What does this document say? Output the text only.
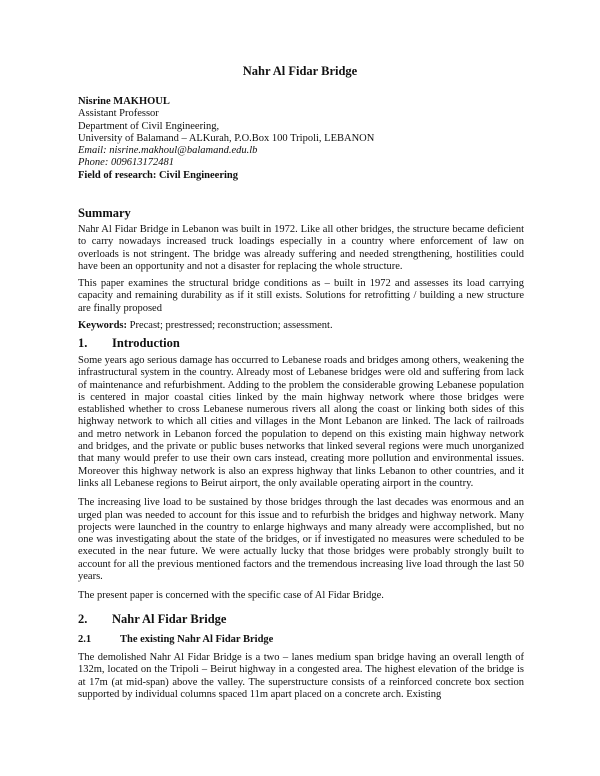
Nahr Al Fidar Bridge
Nisrine MAKHOUL
Assistant Professor
Department of Civil Engineering,
University of Balamand – ALKurah, P.O.Box 100 Tripoli, LEBANON
Email: nisrine.makhoul@balamand.edu.lb
Phone: 009613172481
Field of research: Civil Engineering
Summary

Nahr Al Fidar Bridge in Lebanon was built in 1972. Like all other bridges, the structure became deficient to carry nowadays increased truck loadings especially in a country where enforcement of law on overloads is not stringent. The bridge was already suffering and needed strengthening, hostilities could have been an opportunity and not a disaster for replacing the whole structure.

This paper examines the structural bridge conditions as – built in 1972 and assesses its load carrying capacity and remaining durability as if it still exists. Solutions for retrofitting / building a new structure are finally proposed

Keywords: Precast; prestressed; reconstruction; assessment.

1. Introduction

Some years ago serious damage has occurred to Lebanese roads and bridges among others, weakening the infrastructural system in the country. Already most of Lebanese bridges were old and suffering from lack of maintenance and refurbishment. Adding to the problem the considerable growing Lebanese population is centered in major coastal cities linked by the main highway network where those bridges were established whether to cross Lebanese numerous rivers all along the coast or linking both sides of this highway network to which all cities and villages in the Mont Lebanon are linked. The lack of railroads and metro network in Lebanon forced the population to depend on this existing main highway network and bridges, and the private or public buses networks that linked several regions were much unorganized that many would prefer to use their own cars instead, creating more pollution and environmental issues. Moreover this highway network is also an express highway that links Lebanon to other countries, and it links all Lebanese regions to Beirut airport, the only available operating airport in the country.

The increasing live load to be sustained by those bridges through the last decades was enormous and an urged plan was needed to account for this issue and to refurbish the bridges and highway network. Many projects were launched in the country to enlarge highways and many already were accomplished, but no one was investigating about the state of the bridges, or if investigated no measures were scheduled to be executed in the near future. We were actually lucky that those bridges were probably strongly built to account for all the previous mentioned factors and the tremendous increasing live load through the last 50 years.

The present paper is concerned with the specific case of Al Fidar Bridge.

2. Nahr Al Fidar Bridge
2.1	The existing Nahr Al Fidar Bridge

The demolished Nahr Al Fidar Bridge is a two – lanes medium span bridge having an overall length of 132m, located on the Tripoli – Beirut highway in a congested area. The highest elevation of the bridge is at 17m (at mid-span) above the valley. The superstructure consists of a reinforced concrete box section supported by individual columns spaced 11m apart placed on a concrete arch. Existing
